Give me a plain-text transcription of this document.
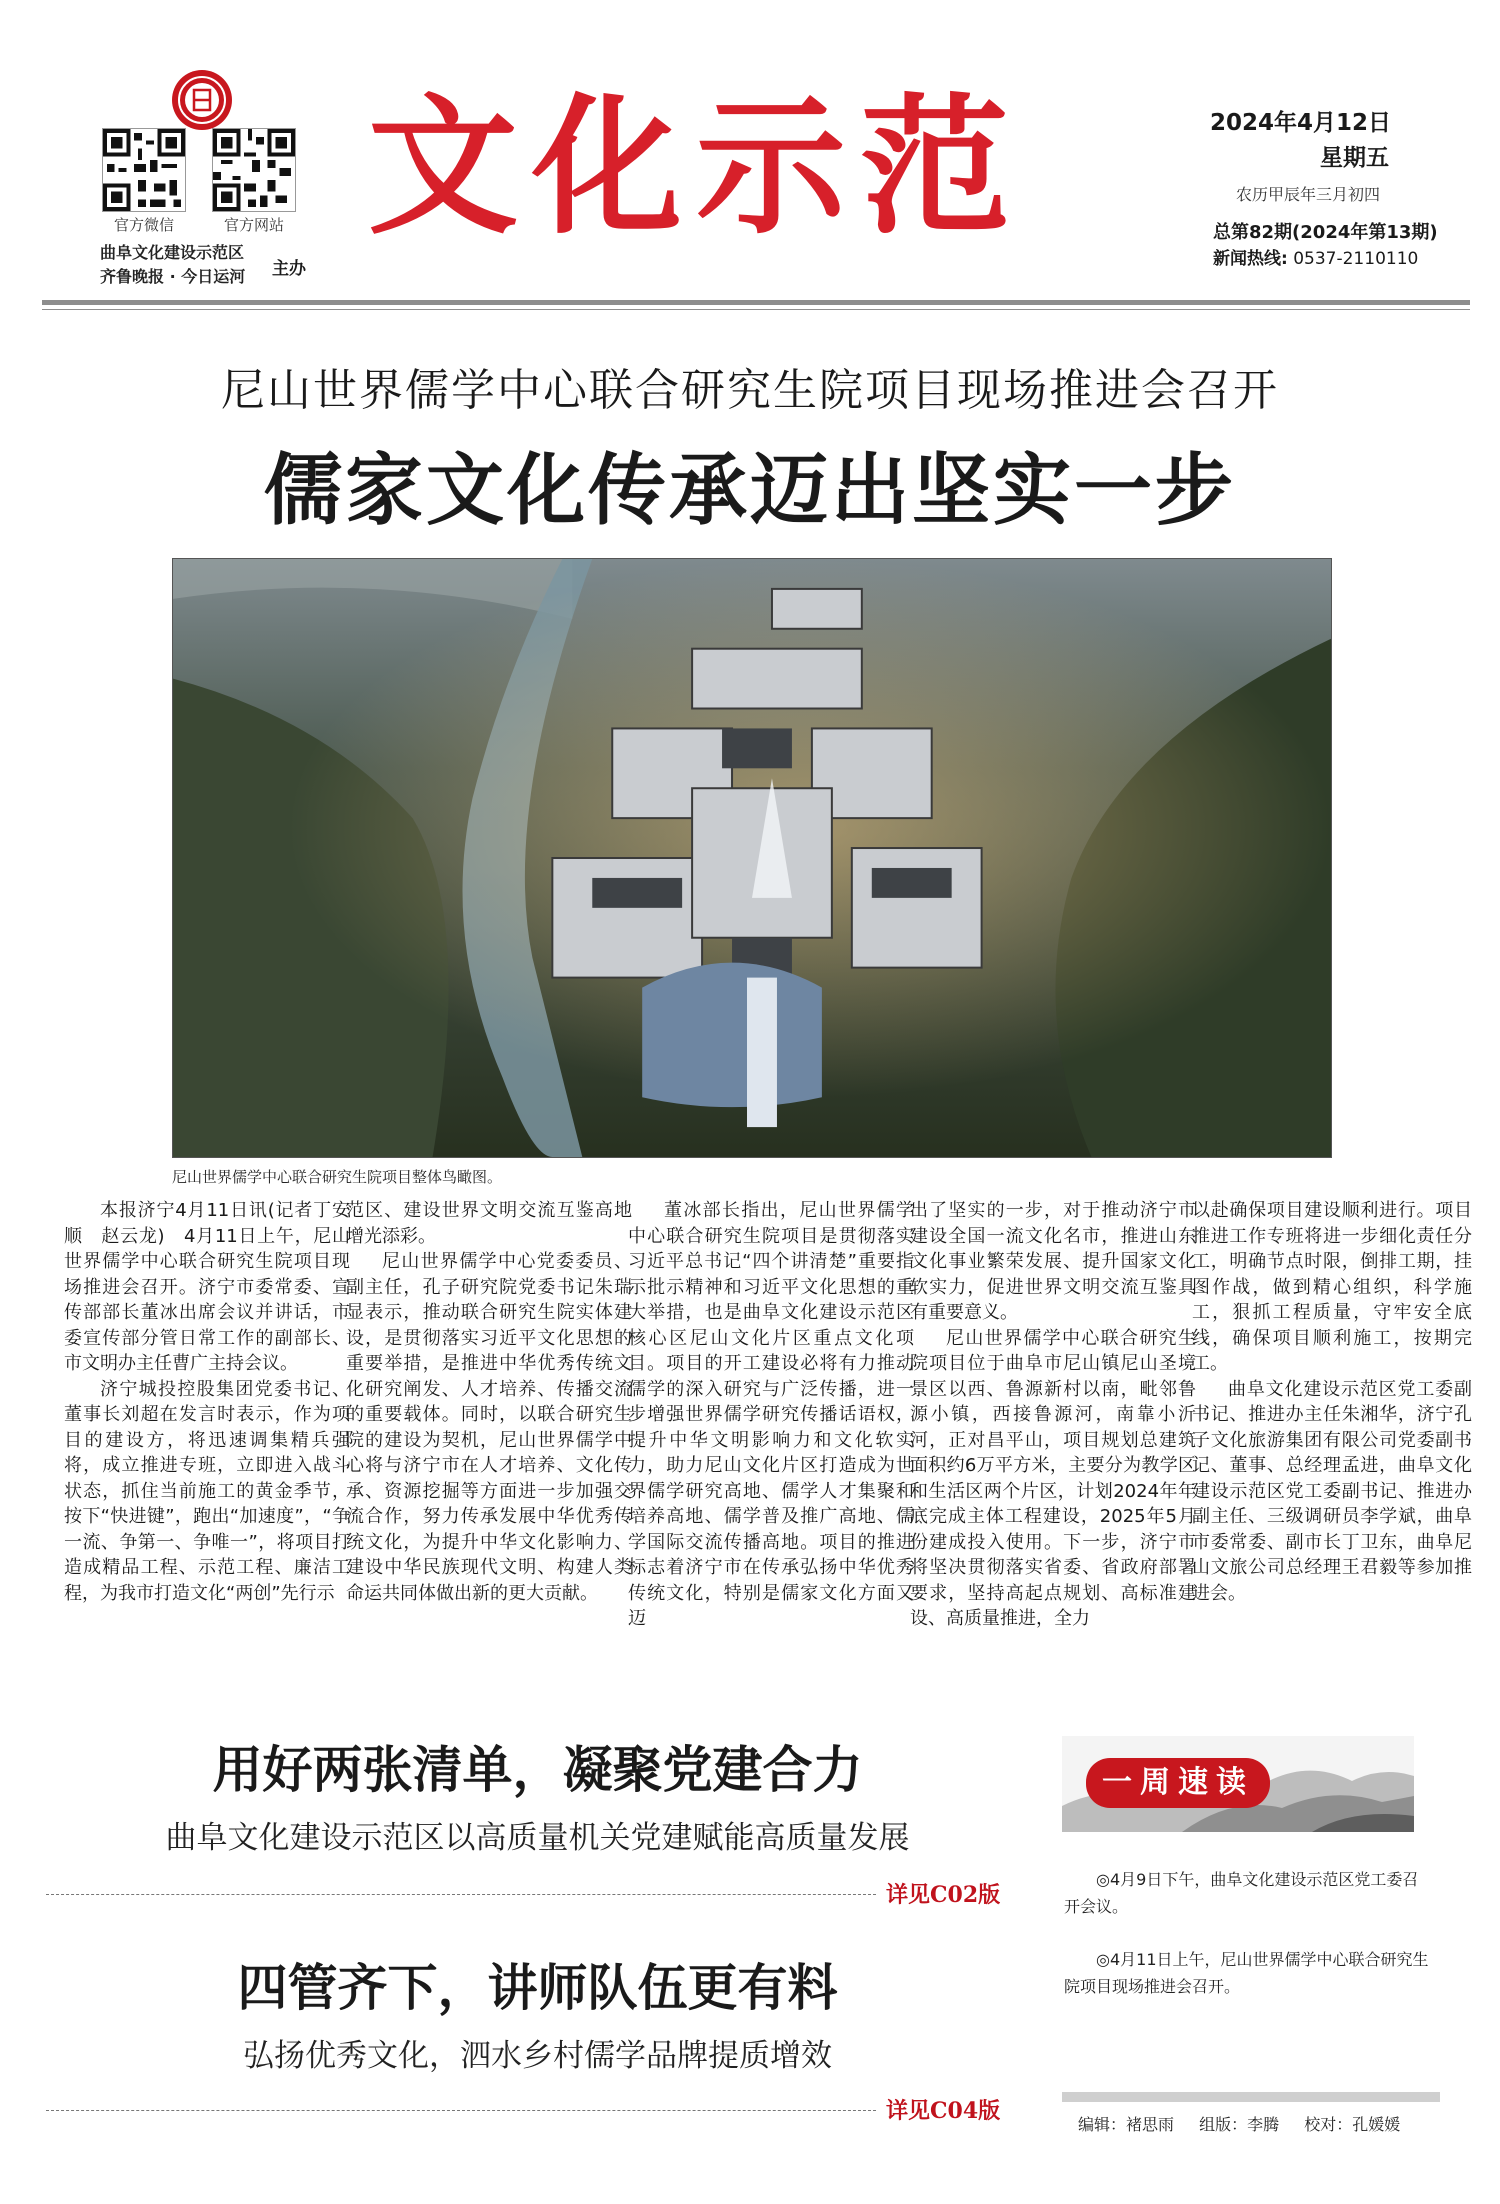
官方微信	官方网站
曲阜文化建设示范区
齐鲁晚报 · 今日运河 主办
文化示范	2024年4月12日
星期五
农历甲辰年三月初四
总第82期(2024年第13期)
新闻热线: 0537-2110110
尼山世界儒学中心联合研究生院项目现场推进会召开
儒家文化传承迈出坚实一步
尼山世界儒学中心联合研究生院项目整体鸟瞰图。

本报济宁4月11日讯(记者丁安顺　赵云龙)　4月11日上午，尼山世界儒学中心联合研究生院项目现场推进会召开。济宁市委常委、宣传部部长董冰出席会议并讲话，市委宣传部分管日常工作的副部长、市文明办主任曹广主持会议。

济宁城投控股集团党委书记、董事长刘超在发言时表示，作为项目的建设方，将迅速调集精兵强将，成立推进专班，立即进入战斗状态，抓住当前施工的黄金季节，按下“快进键”，跑出“加速度”，“争一流、争第一、争唯一”，将项目打造成精品工程、示范工程、廉洁工程，为我市打造文化“两创”先行示

范区、建设世界文明交流互鉴高地增光添彩。

尼山世界儒学中心党委委员、副主任，孔子研究院党委书记朱瑞显表示，推动联合研究生院实体建设，是贯彻落实习近平文化思想的重要举措，是推进中华优秀传统文化研究阐发、人才培养、传播交流的重要载体。同时，以联合研究生院的建设为契机，尼山世界儒学中心将与济宁市在人才培养、文化传承、资源挖掘等方面进一步加强交流合作，努力传承发展中华优秀传统文化，为提升中华文化影响力、建设中华民族现代文明、构建人类命运共同体做出新的更大贡献。

董冰部长指出，尼山世界儒学中心联合研究生院项目是贯彻落实习近平总书记“四个讲清楚”重要指示批示精神和习近平文化思想的重大举措，也是曲阜文化建设示范区核心区尼山文化片区重点文化项目。项目的开工建设必将有力推动儒学的深入研究与广泛传播，进一步增强世界儒学研究传播话语权，提升中华文明影响力和文化软实力，助力尼山文化片区打造成为世界儒学研究高地、儒学人才集聚和培养高地、儒学普及推广高地、儒学国际交流传播高地。项目的推进标志着济宁市在传承弘扬中华优秀传统文化，特别是儒家文化方面又迈

出了坚实的一步，对于推动济宁市建设全国一流文化名市，推进山东文化事业繁荣发展、提升国家文化软实力，促进世界文明交流互鉴具有重要意义。

尼山世界儒学中心联合研究生院项目位于曲阜市尼山镇尼山圣境景区以西、鲁源新村以南，毗邻鲁源小镇，西接鲁源河，南靠小沂河，正对昌平山，项目规划总建筑面积约6万平方米，主要分为教学区和生活区两个片区，计划2024年年底完成主体工程建设，2025年5月份建成投入使用。下一步，济宁市将坚决贯彻落实省委、省政府部署要求，坚持高起点规划、高标准建设、高质量推进，全力

以赴确保项目建设顺利进行。项目推进工作专班将进一步细化责任分工，明确节点时限，倒排工期，挂图作战，做到精心组织，科学施工，狠抓工程质量，守牢安全底线，确保项目顺利施工，按期完工。

曲阜文化建设示范区党工委副书记、推进办主任朱湘华，济宁孔子文化旅游集团有限公司党委副书记、董事、总经理孟进，曲阜文化建设示范区党工委副书记、推进办副主任、三级调研员李学斌，曲阜市委常委、副市长丁卫东，曲阜尼山文旅公司总经理王君毅等参加推进会。

用好两张清单，凝聚党建合力
曲阜文化建设示范区以高质量机关党建赋能高质量发展
详见C02版
四管齐下，讲师队伍更有料
弘扬优秀文化，泗水乡村儒学品牌提质增效
详见C04版
一周速读
◎4月9日下午，曲阜文化建设示范区党工委召开会议。
◎4月11日上午，尼山世界儒学中心联合研究生院项目现场推进会召开。
编辑：褚思雨 组版：李腾 校对：孔媛媛
